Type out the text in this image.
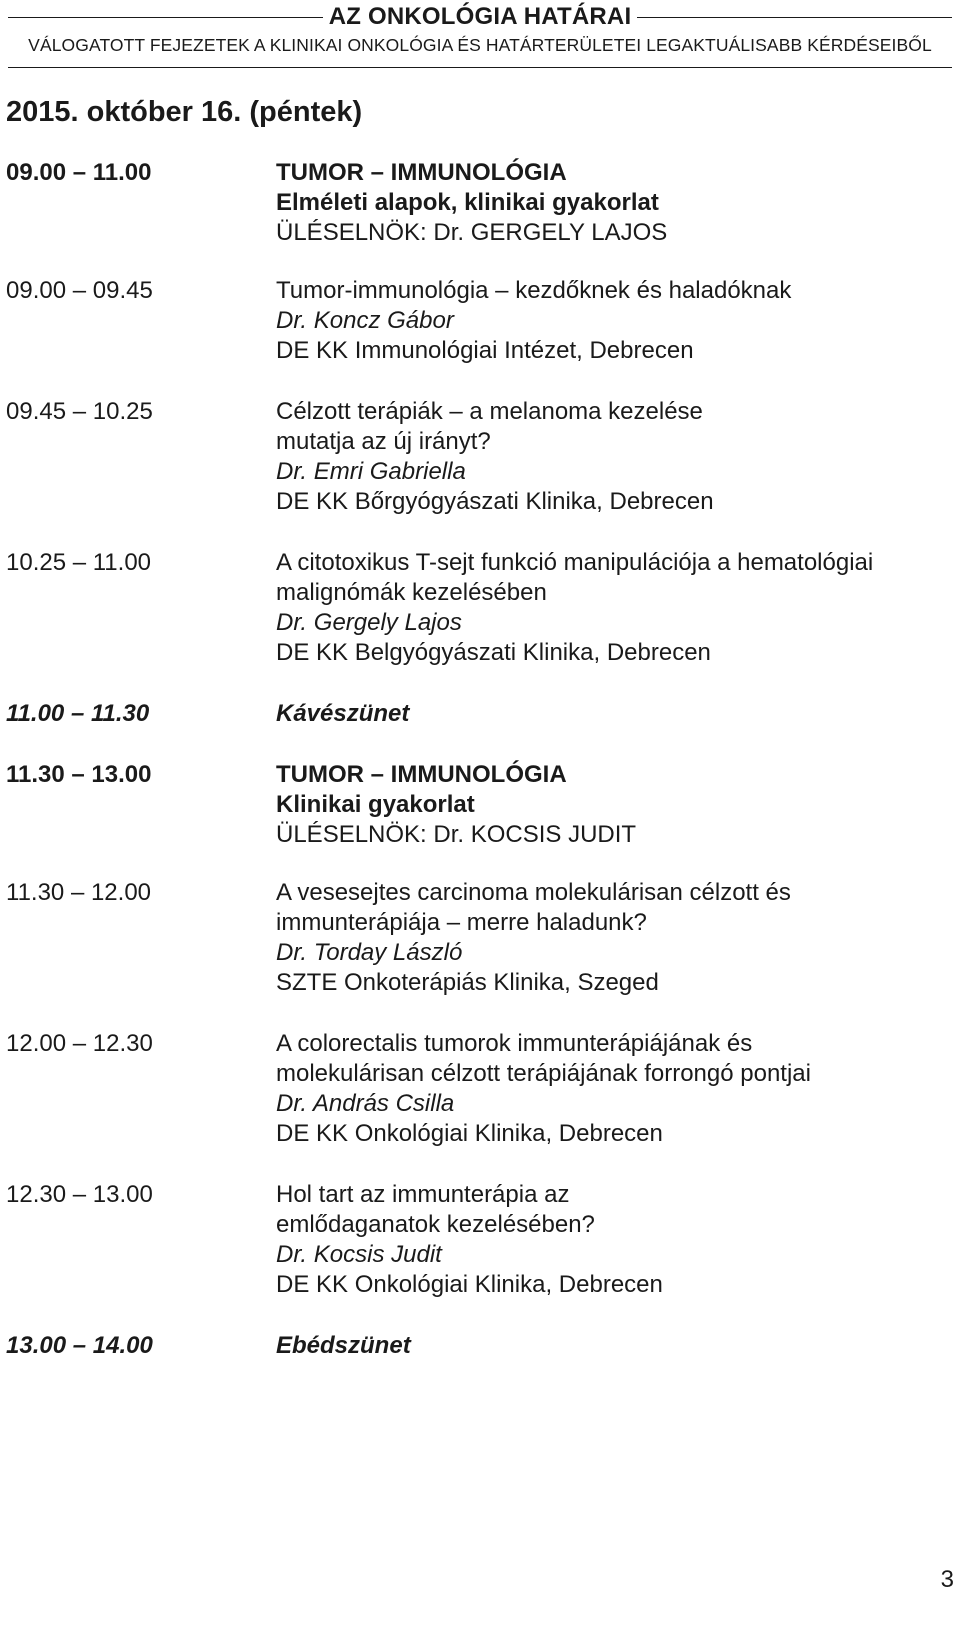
AZ ONKOLÓGIA HATÁRAI
VÁLOGATOTT FEJEZETEK A KLINIKAI ONKOLÓGIA ÉS HATÁRTERÜLETEI LEGAKTUÁLISABB KÉRDÉSEIBŐL
2015. október 16. (péntek)
09.00 – 11.00	TUMOR – IMMUNOLÓGIA
Elméleti alapok, klinikai gyakorlat
ÜLÉSELNÖK: Dr. GERGELY LAJOS
09.00 – 09.45	Tumor-immunológia – kezdőknek és haladóknak
Dr. Koncz Gábor
DE KK Immunológiai Intézet, Debrecen
09.45 – 10.25	Célzott terápiák – a melanoma kezelése
mutatja az új irányt?
Dr. Emri Gabriella
DE KK Bőrgyógyászati Klinika, Debrecen
10.25 – 11.00	A citotoxikus T-sejt funkció manipulációja a hematológiai
malignómák kezelésében
Dr. Gergely Lajos
DE KK Belgyógyászati Klinika, Debrecen
11.00 – 11.30	Kávészünet
11.30 – 13.00	TUMOR – IMMUNOLÓGIA
Klinikai gyakorlat
ÜLÉSELNÖK: Dr. KOCSIS JUDIT
11.30 – 12.00	A vesesejtes carcinoma molekulárisan célzott és
immunterápiája – merre haladunk?
Dr. Torday László
SZTE Onkoterápiás Klinika, Szeged
12.00 – 12.30	A colorectalis tumorok immunterápiájának és
molekulárisan célzott terápiájának forrongó pontjai
Dr. András Csilla
DE KK Onkológiai Klinika, Debrecen
12.30 – 13.00	Hol tart az immunterápia az
emlődaganatok kezelésében?
Dr. Kocsis Judit
DE KK Onkológiai Klinika, Debrecen
13.00 – 14.00	Ebédszünet
3
